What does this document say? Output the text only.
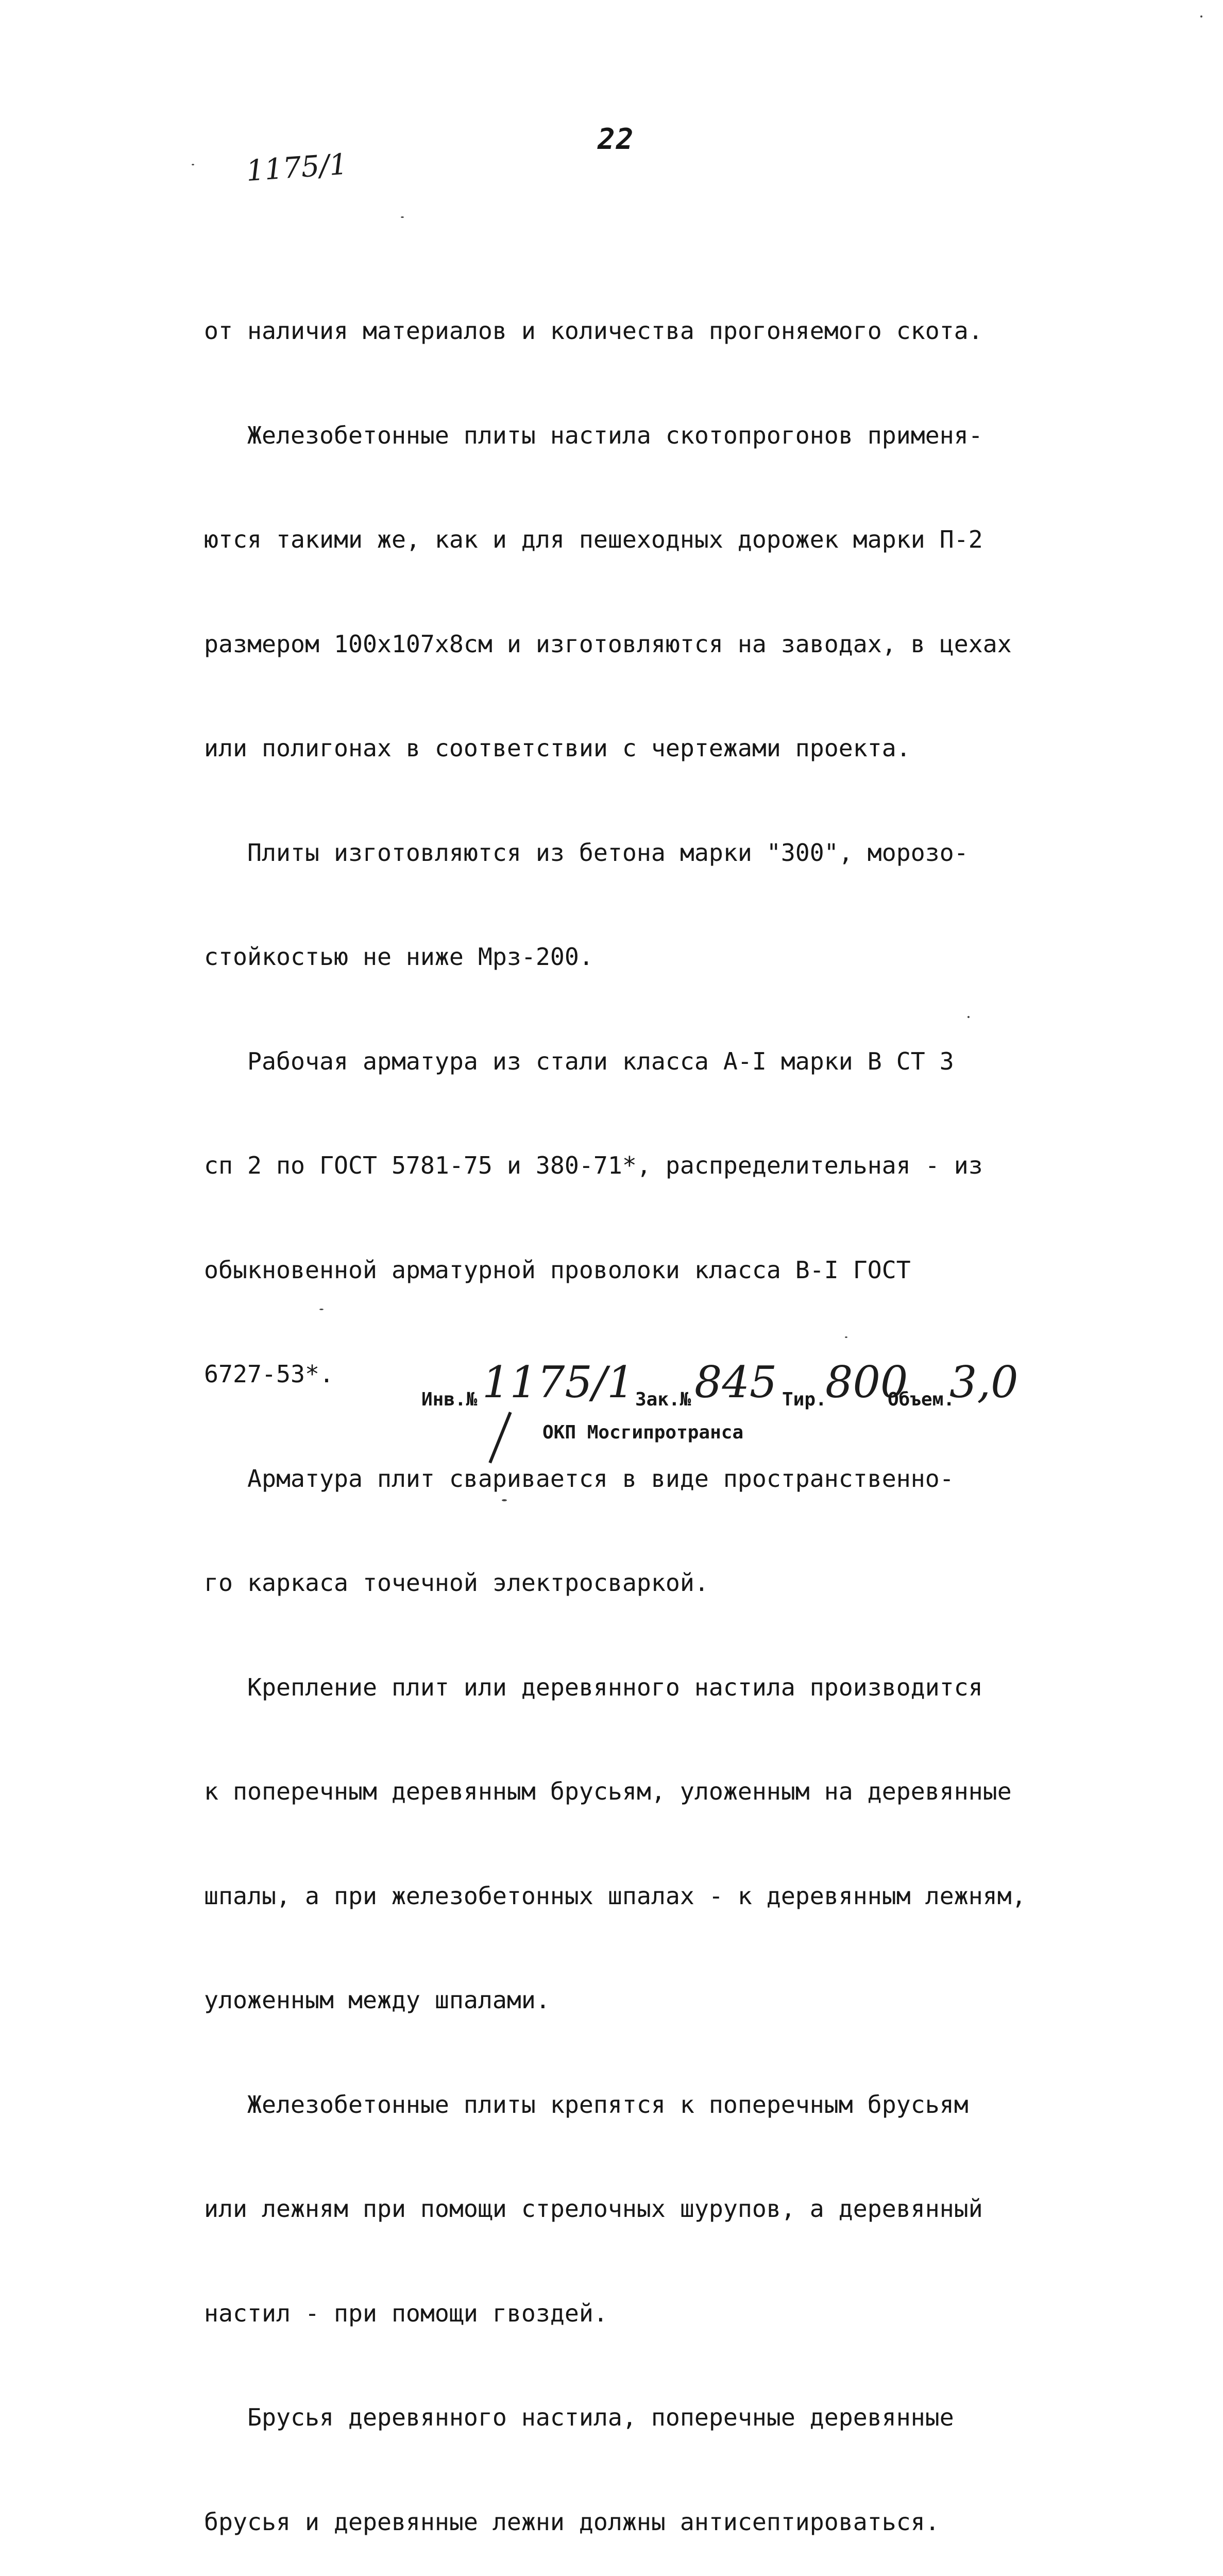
22
1175/1

от наличия материалов и количества прогоняемого скота.

Железобетонные плиты настила скотопрогонов применя-

ются такими же, как и для пешеходных дорожек марки П-2

размером 100х107х8см и изготовляются на заводах, в цехах

или полигонах в соответствии с чертежами проекта.

Плиты изготовляются из бетона марки "300", морозо-

стойкостью не ниже Мрз-200.

Рабочая арматура из стали класса А-I марки В СТ 3

сп 2 по ГОСТ 5781-75 и 380-71*, распределительная - из

обыкновенной арматурной проволоки класса В-I ГОСТ

6727-53*.

Арматура плит сваривается в виде пространственно-

го каркаса точечной электросваркой.

Крепление плит или деревянного настила производится

к поперечным деревянным брусьям, уложенным на деревянные

шпалы, а при железобетонных шпалах - к деревянным лежням,

уложенным между шпалами.

Железобетонные плиты крепятся к поперечным брусьям

или лежням при помощи стрелочных шурупов, а деревянный

настил - при помощи гвоздей.

Брусья деревянного настила, поперечные деревянные

брусья и деревянные лежни должны антисептироваться.

Инв.№ 1175/1 Зак.№ 845 Тир.
800
Объем.
3,0
ОКП Мосгипротранса
